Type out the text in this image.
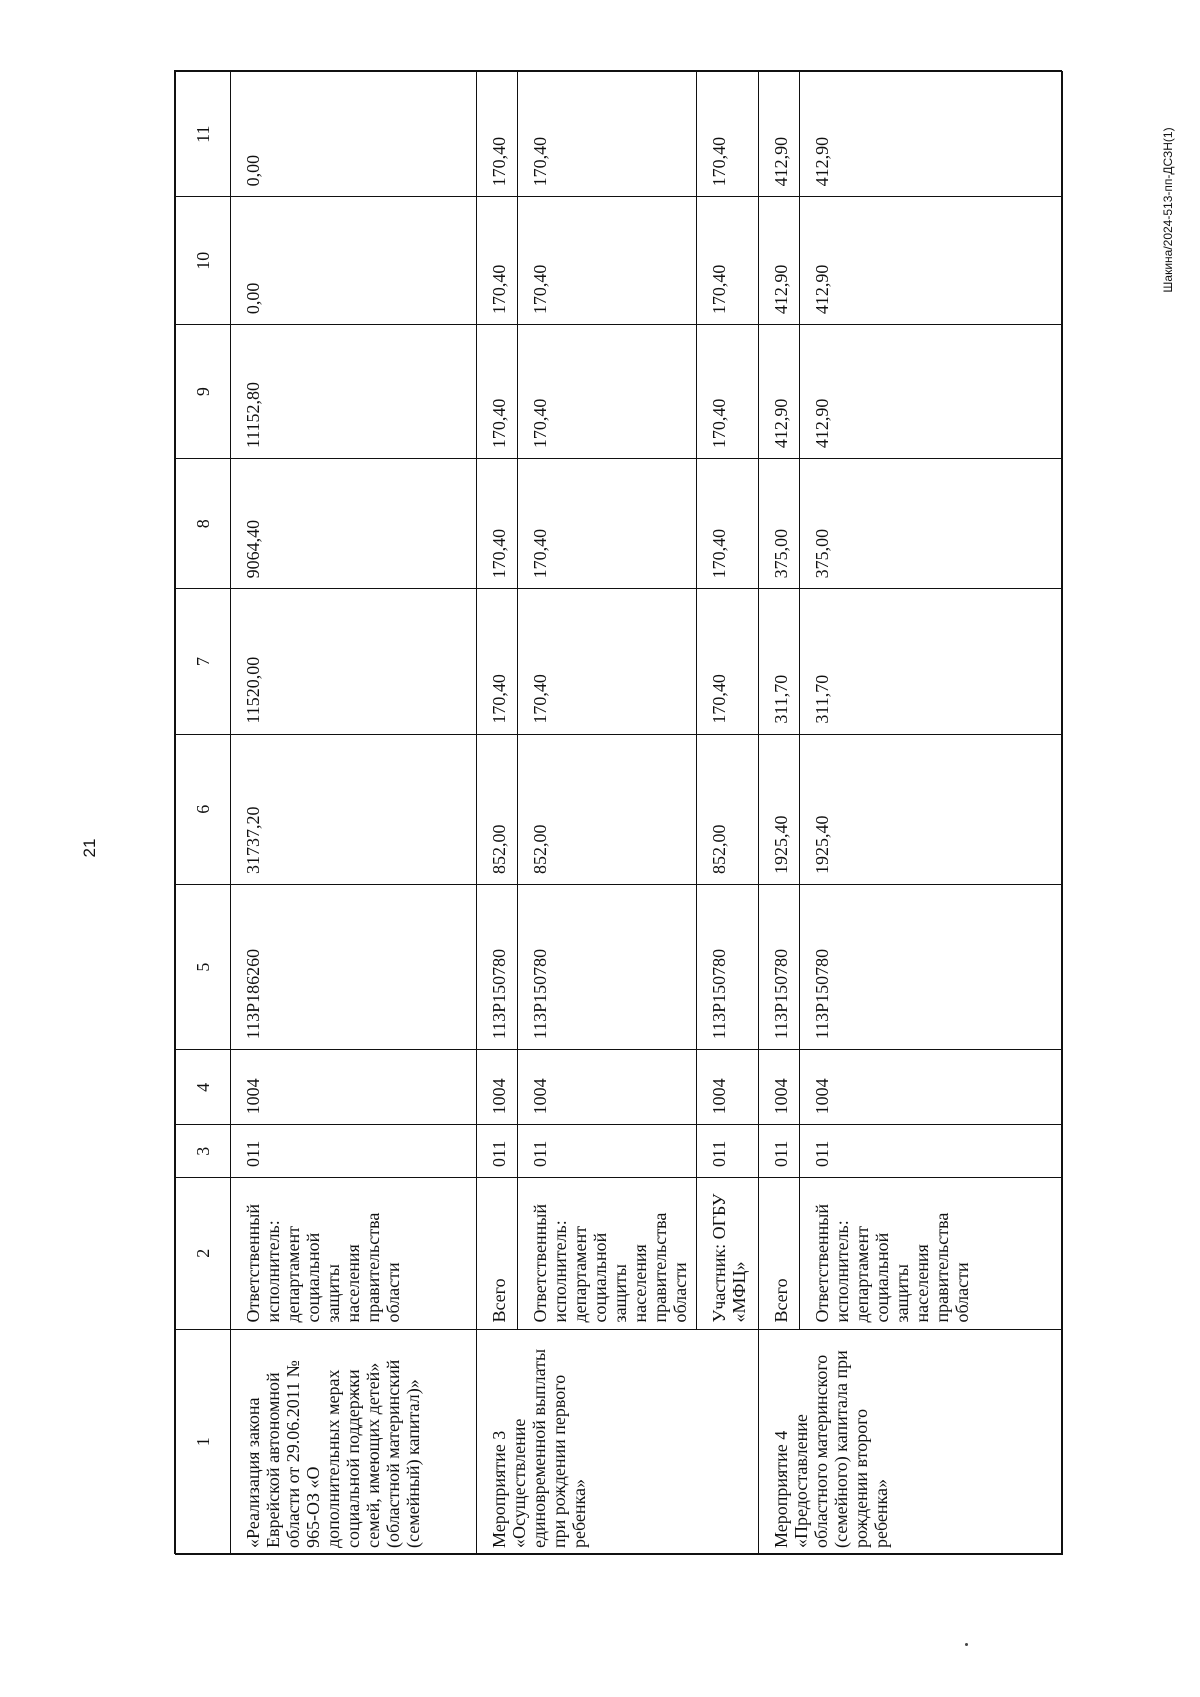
21
Шакина/2024-513-пп-ДСЗН(1)
1	2	3	4	5	6	7	8	9	10	11
«Реализация закона Еврейской автономной области от 29.06.2011 № 965-ОЗ «О дополнительных мерах социальной поддержки семей, имеющих детей» (областной материнский (семейный) капитал)»	Ответственный исполнитель: департамент социальной защиты населения правительства области	011	1004	113Р186260	31737,20	11520,00	9064,40	11152,80	0,00	0,00
Мероприятие 3 «Осуществление единовременной выплаты при рождении первого ребенка»	Всего	011	1004	113Р150780	852,00	170,40	170,40	170,40	170,40	170,40
	Ответственный исполнитель: департамент социальной защиты населения правительства области	011	1004	113Р150780	852,00	170,40	170,40	170,40	170,40	170,40
	Участник: ОГБУ «МФЦ»	011	1004	113Р150780	852,00	170,40	170,40	170,40	170,40	170,40
Мероприятие 4 «Предоставление областного материнского (семейного) капитала при рождении второго ребенка»	Всего	011	1004	113Р150780	1925,40	311,70	375,00	412,90	412,90	412,90
	Ответственный исполнитель: департамент социальной защиты населения правительства области	011	1004	113Р150780	1925,40	311,70	375,00	412,90	412,90	412,90
